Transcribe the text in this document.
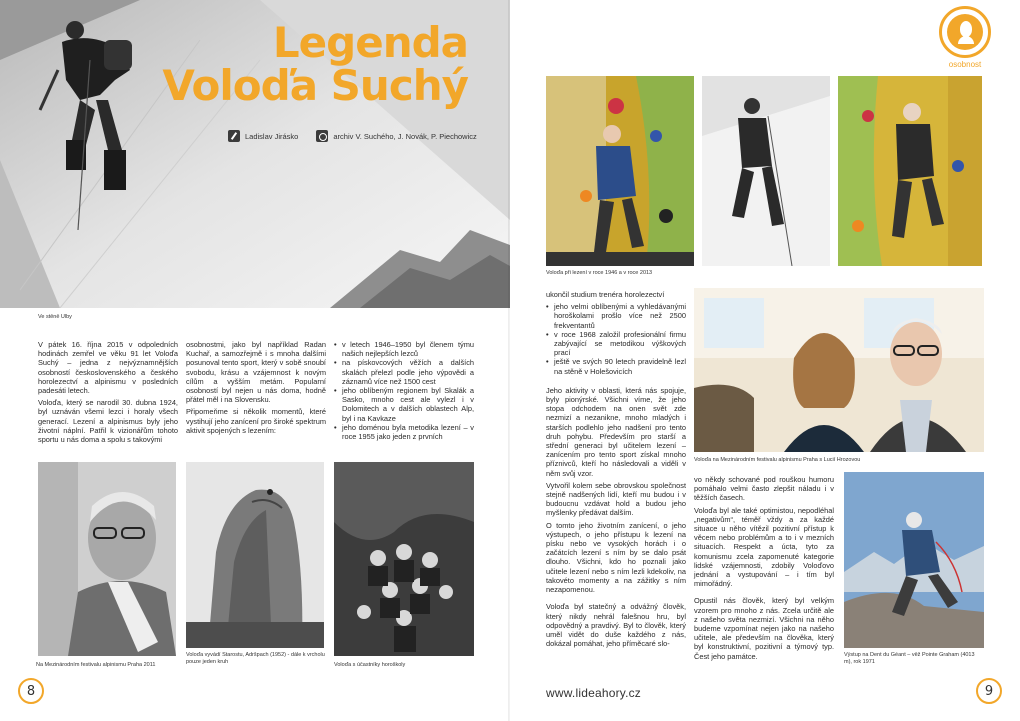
Legenda
Voloďa Suchý
Ladislav Jirásko	archiv V. Suchého, J. Novák, P. Piechowicz
Ve stěně Ulby

V pátek 16. října 2015 v odpoledních hodinách zemřel ve věku 91 let Voloďa Suchý – jedna z nejvýznamnějších osobností československého a českého horolezectví a alpinismu v posledních padesáti letech.

Voloďa, který se narodil 30. dubna 1924, byl uznáván všemi lezci i horaly všech generací. Lezení a alpinismus byly jeho životní náplní. Patřil k vizionářům tohoto sportu u nás doma a spolu s takovými

osobnostmi, jako byl například Radan Kuchař, a samozřejmě i s mnoha dalšími posunoval tento sport, který v sobě snoubí svobodu, krásu a vzájemnost k novým cílům a vyšším metám. Popularní osobností byl nejen u nás doma, hodně přátel měl i na Slovensku.

Připomeňme si několik momentů, které vystihují jeho zanícení pro široké spektrum aktivit spojených s lezením:

• v letech 1946–1950 byl členem týmu našich nejlepších lezců
• na pískovcových věžích a dalších skalách přelezl podle jeho výpovědi a záznamů více než 1500 cest
• jeho oblíbeným regionem byl Skalák a Sasko, mnoho cest ale vylezl i v Dolomitech a v dalších oblastech Alp, byl i na Kavkaze
• jeho doménou byla metodika lezení – v roce 1955 jako jeden z prvních
Na Mezinárodním festivalu alpinismu Praha 2011
Voloďa vyvádí Starostu, Adršpach (1952) - dále k vrcholu pouze jeden kruh	Voloďa s účastníky horoškoly
8
osobnost
Voloďa při lezení v roce 1946 a v roce 2013

ukončil studium trenéra horolezectví

• jeho velmi oblíbenými a vyhledávanými horoškolami prošlo více než 2500 frekventantů
• v roce 1968 založil profesionální firmu zabývající se metodikou výškových prací
• ještě ve svých 90 letech pravidelně lezl na stěně v Holešovicích

Jeho aktivity v oblasti, která nás spojuje, byly pionýrské. Všichni víme, že jeho stopa odchodem na onen svět zde nezmizí a nezanikne, mnoho mladých i starších podlehlo jeho nadšení pro tento druh pohybu. Především pro starší a střední generaci byl učitelem lezení – zanícením pro tento sport získal mnoho příznivců, kteří ho následovali a viděli v něm svůj vzor.

Vytvořil kolem sebe obrovskou společnost stejně nadšených lidí, kteří mu budou i v budoucnu vzdávat hold a budou jeho myšlenky předávat dalším.

O tomto jeho životním zanícení, o jeho výstupech, o jeho přístupu k lezení na písku nebo ve vysokých horách i o začátcích lezení s ním by se dalo psát dlouho. Všichni, kdo ho poznali jako učitele lezení nebo s ním lezli kdekoliv, na takovéto momenty a na zážitky s ním nezapomenou.

Voloďa byl statečný a odvážný člověk, který nikdy nehrál falešnou hru, byl odpovědný a pravdivý. Byl to člověk, který uměl vidět do duše každého z nás, dokázal pomáhat, jeho příměcaré slo-

Voloďa na Mezinárodním festivalu alpinismu Praha s Lucií Hrozovou

vo někdy schované pod rouškou humoru pomáhalo velmi často zlepšit náladu i v těžších časech.

Voloďa byl ale také optimistou, nepodléhal „negativům“, téměř vždy a za každé situace u něho vítězil pozitivní přístup k věcem nebo problémům a to i v mezních situacích. Respekt a úcta, tyto za komunismu zcela zapomenuté kategorie lidské vzájemnosti, zdobily Voloďovo jednání a vystupování – i tím byl mimořádný.

Opustil nás člověk, který byl velkým vzorem pro mnoho z nás. Zcela určitě ale z našeho světa nezmizí. Všichni na něho budeme vzpomínat nejen jako na našeho učitele, ale především na člověka, který byl konstruktivní, pozitivní a týmový typ. Čest jeho památce.	Výstup na Dent du Géant – věž Pointe Graham (4013 m), rok 1971
www.lideahory.cz	9
